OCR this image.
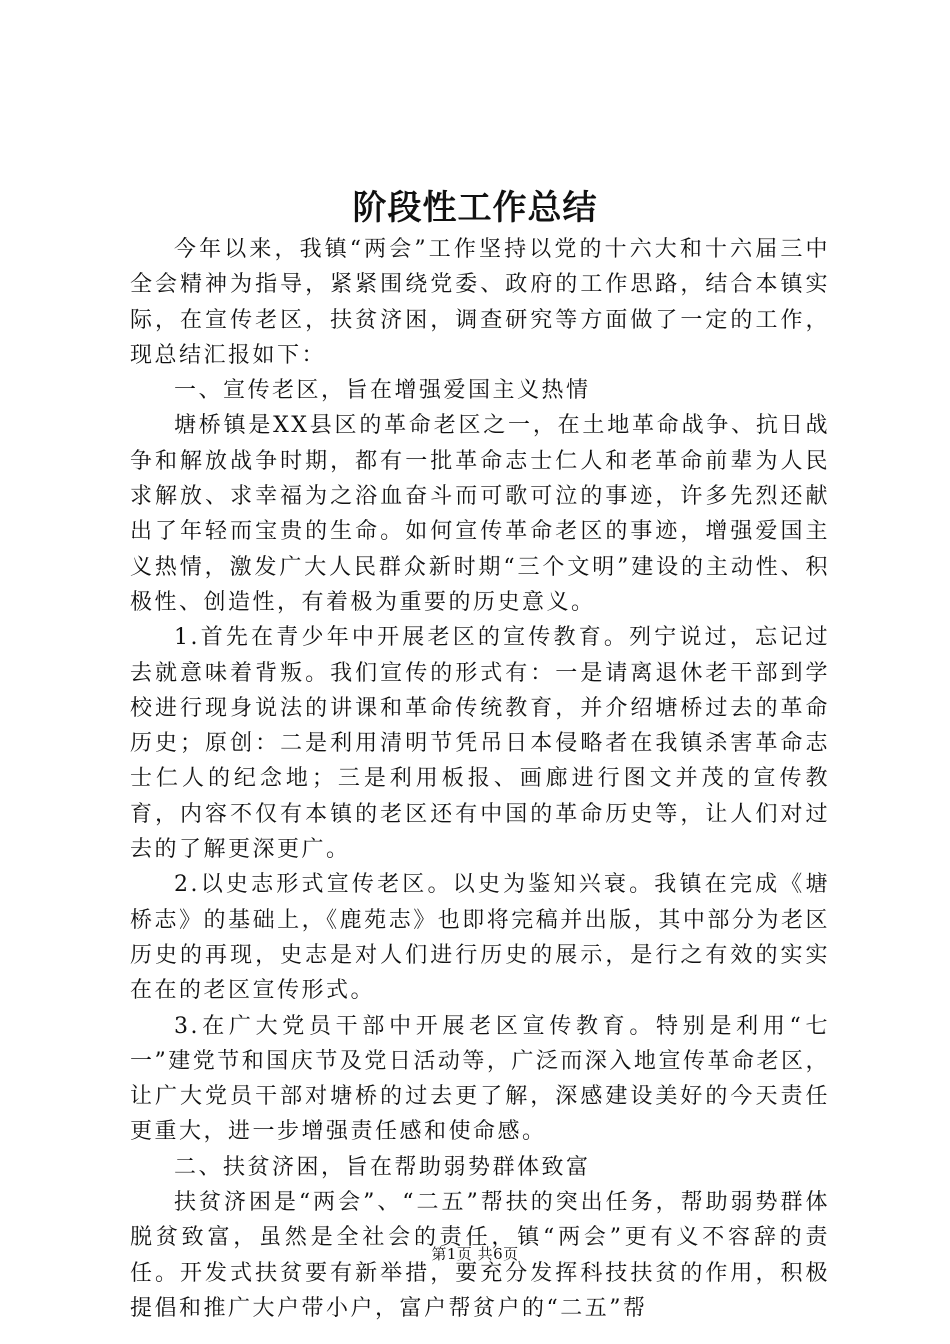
阶段性工作总结

今年以来，我镇“两会”工作坚持以党的十六大和十六届三中全会精神为指导，紧紧围绕党委、政府的工作思路，结合本镇实际，在宣传老区，扶贫济困，调查研究等方面做了一定的工作，现总结汇报如下：

一、宣传老区，旨在增强爱国主义热情

塘桥镇是XX县区的革命老区之一，在土地革命战争、抗日战争和解放战争时期，都有一批革命志士仁人和老革命前辈为人民求解放、求幸福为之浴血奋斗而可歌可泣的事迹，许多先烈还献出了年轻而宝贵的生命。如何宣传革命老区的事迹，增强爱国主义热情，激发广大人民群众新时期“三个文明”建设的主动性、积极性、创造性，有着极为重要的历史意义。

1.首先在青少年中开展老区的宣传教育。列宁说过，忘记过去就意味着背叛。我们宣传的形式有：一是请离退休老干部到学校进行现身说法的讲课和革命传统教育，并介绍塘桥过去的革命历史；原创：二是利用清明节凭吊日本侵略者在我镇杀害革命志士仁人的纪念地；三是利用板报、画廊进行图文并茂的宣传教育，内容不仅有本镇的老区还有中国的革命历史等，让人们对过去的了解更深更广。

2.以史志形式宣传老区。以史为鉴知兴衰。我镇在完成《塘桥志》的基础上，《鹿苑志》也即将完稿并出版，其中部分为老区历史的再现，史志是对人们进行历史的展示，是行之有效的实实在在的老区宣传形式。

3.在广大党员干部中开展老区宣传教育。特别是利用“七一”建党节和国庆节及党日活动等，广泛而深入地宣传革命老区，让广大党员干部对塘桥的过去更了解，深感建设美好的今天责任更重大，进一步增强责任感和使命感。

二、扶贫济困，旨在帮助弱势群体致富

扶贫济困是“两会”、“二五”帮扶的突出任务，帮助弱势群体脱贫致富，虽然是全社会的责任，镇“两会”更有义不容辞的责任。开发式扶贫要有新举措，要充分发挥科技扶贫的作用，积极提倡和推广大户带小户，富户帮贫户的“二五”帮

第1页 共6页
